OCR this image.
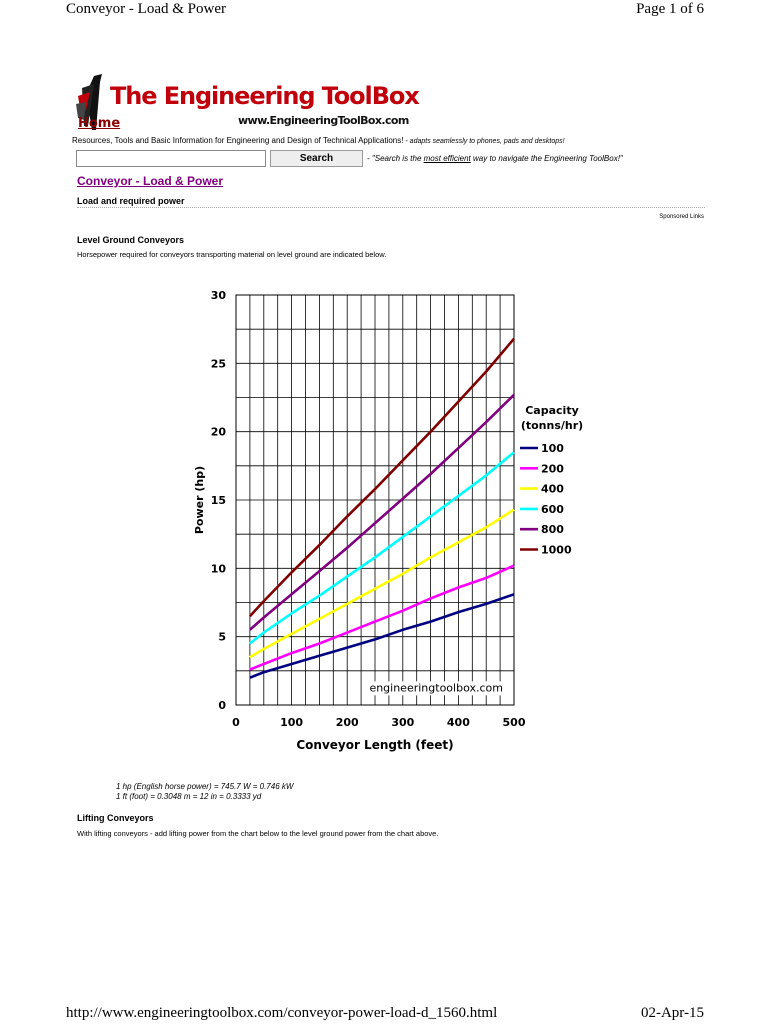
Conveyor - Load & Power	Page 1 of 6
The Engineering ToolBox
www.EngineeringToolBox.com
Home
Resources, Tools and Basic Information for Engineering and Design of Technical Applications! - adapts seamlessly to phones, pads and desktops!
Search	- "Search is the most efficient way to navigate the Engineering ToolBox!"
Conveyor - Load & Power
Load and required power
Sponsored Links
Level Ground Conveyors
Horsepower required for conveyors transporting material on level ground are indicated below.
0	100	200	300	400	500
0
5
10
15
20
25
30
Conveyor Length (feet)
Power (hp)
engineeringtoolbox.com
Capacity
(tonns/hr)
100
200
400
600
800
1000
1 hp (English horse power) = 745.7 W = 0.746 kW
1 ft (foot) = 0.3048 m = 12 in = 0.3333 yd
Lifting Conveyors
With lifting conveyors - add lifting power from the chart below to the level ground power from the chart above.
http://www.engineeringtoolbox.com/conveyor-power-load-d_1560.html	02-Apr-15
